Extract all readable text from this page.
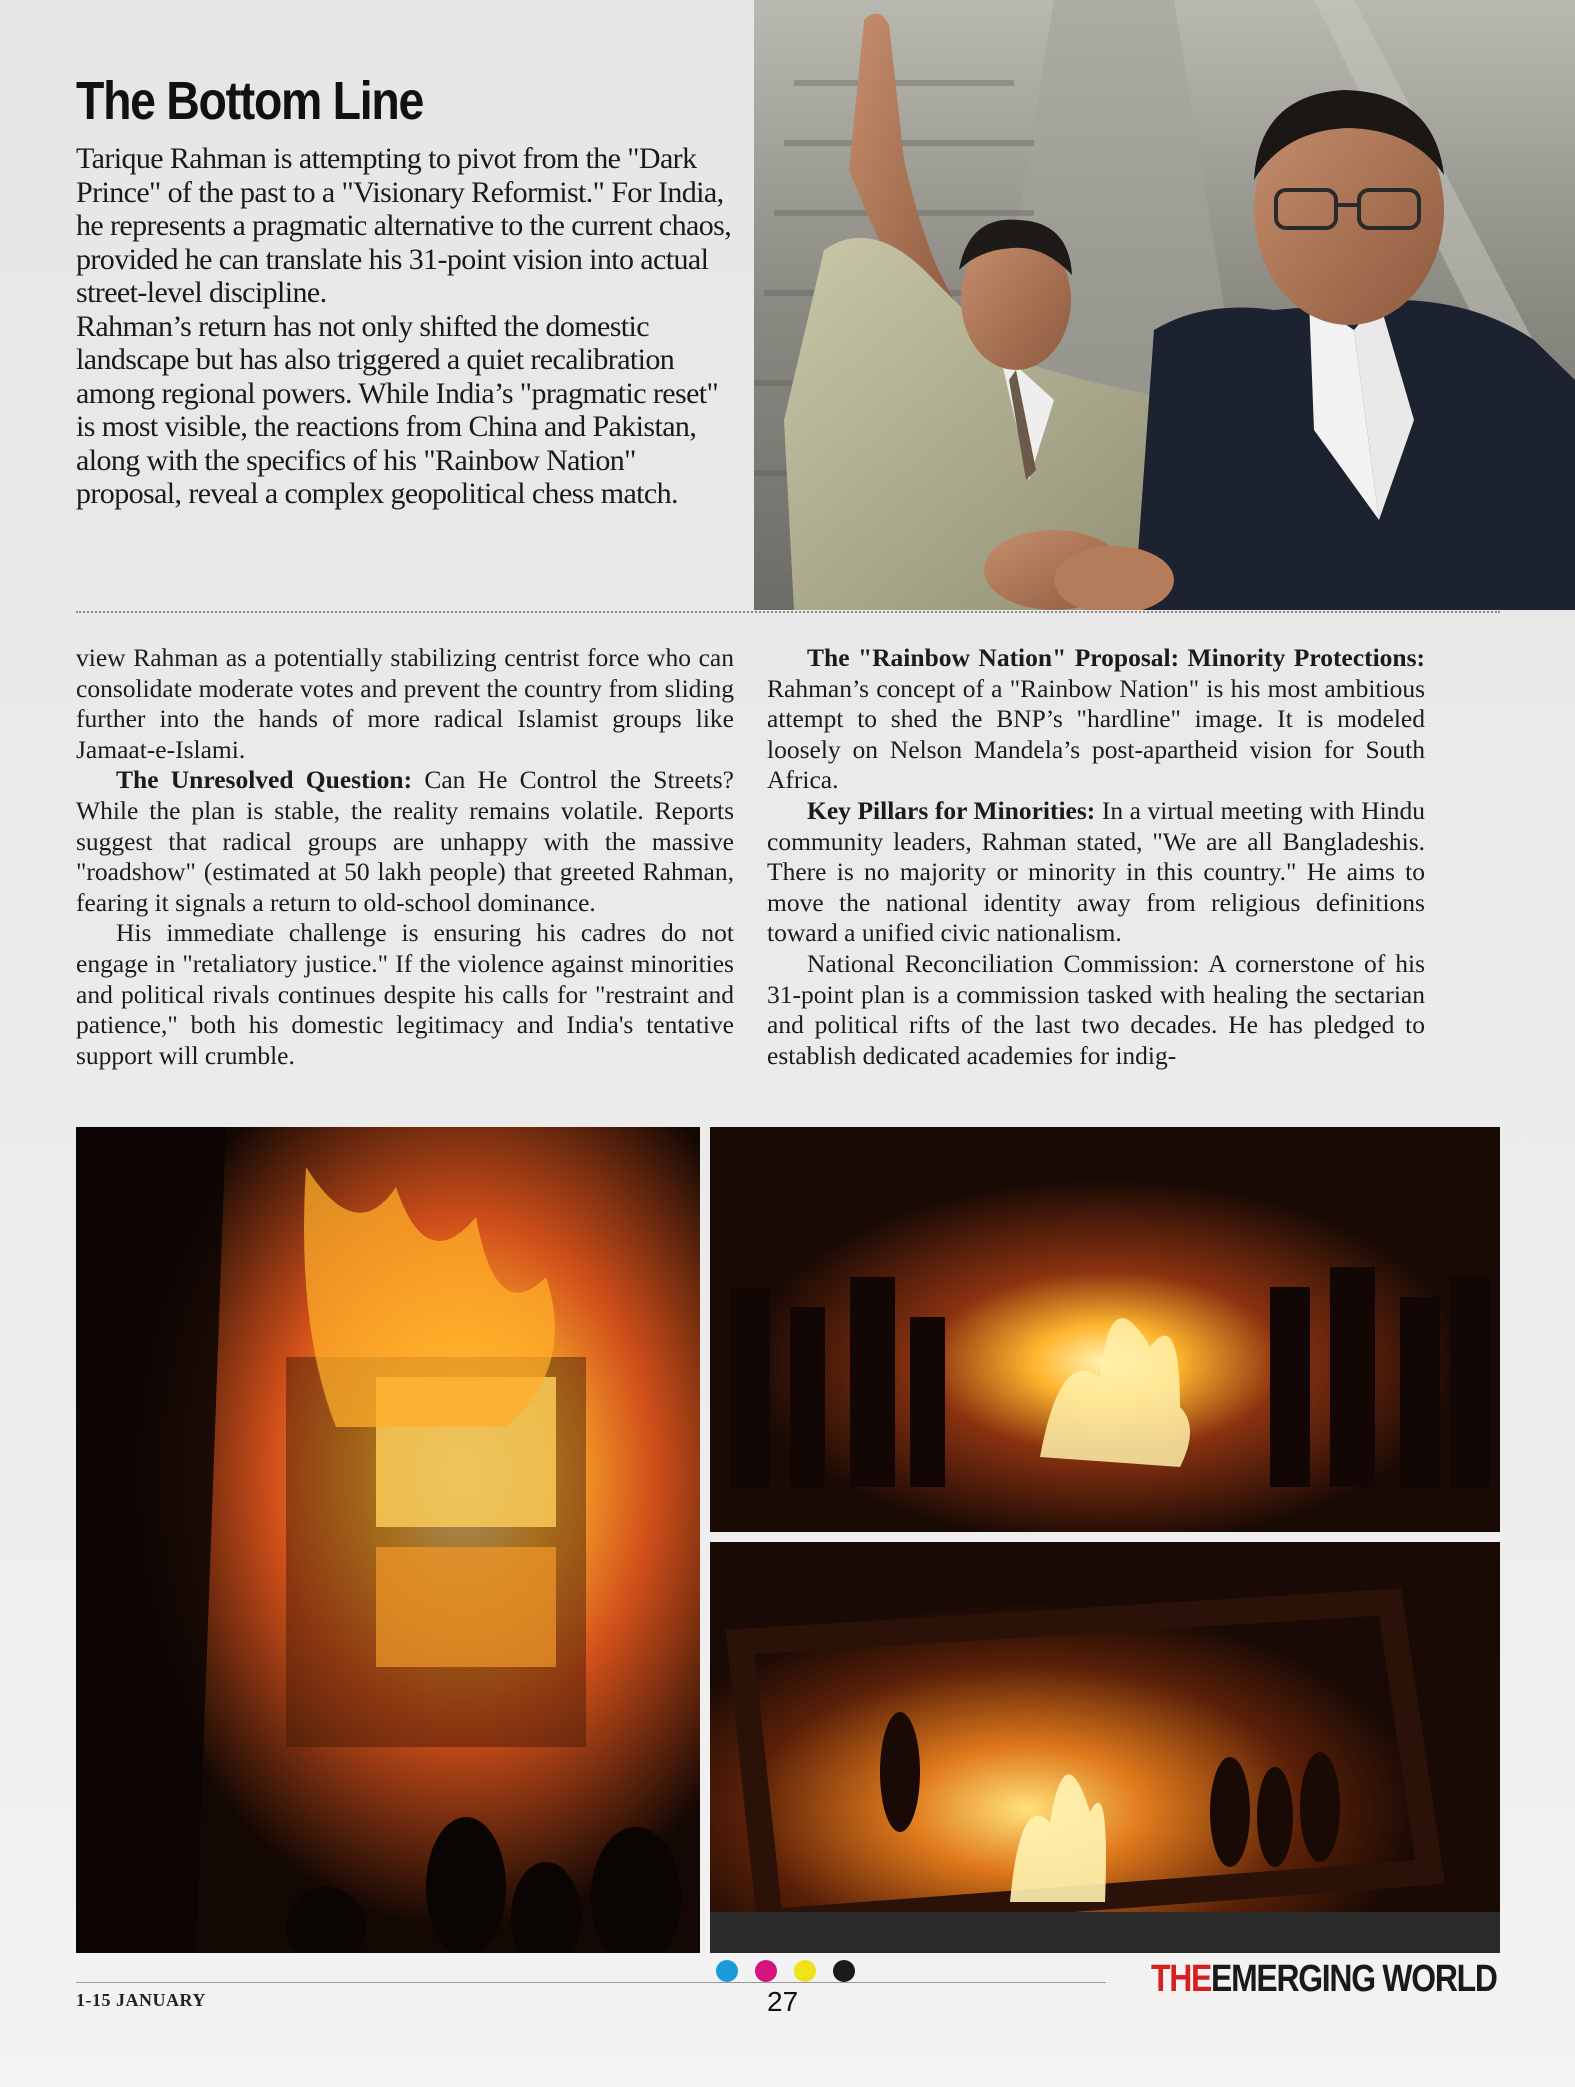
The Bottom Line

Tarique Rahman is attempting to pivot from the "Dark Prince" of the past to a "Visionary Reformist." For India, he represents a pragmatic alternative to the current chaos, provided he can translate his 31-point vision into actual street-level discipline.

Rahman’s return has not only shifted the domestic landscape but has also triggered a quiet recalibration among regional powers. While India’s "pragmatic reset" is most visible, the reactions from China and Pakistan, along with the specifics of his "Rainbow Nation" proposal, reveal a complex geopolitical chess match.

view Rahman as a potentially stabilizing centrist force who can consolidate moderate votes and prevent the country from sliding further into the hands of more radical Islamist groups like Jamaat-e-Islami.

The Unresolved Question: Can He Control the Streets?While the plan is stable, the reality remains volatile. Reports suggest that radical groups are unhappy with the massive "roadshow" (estimated at 50 lakh people) that greeted Rahman, fearing it signals a return to old-school dominance.

His immediate challenge is ensuring his cadres do not engage in "retaliatory justice." If the violence against minorities and political rivals continues despite his calls for "restraint and patience," both his domestic legitimacy and India's tentative support will crumble.

The "Rainbow Nation" Proposal: Minority Protections: Rahman’s concept of a "Rainbow Nation" is his most ambitious attempt to shed the BNP’s "hardline" image. It is modeled loosely on Nelson Mandela’s post-apartheid vision for South Africa.

Key Pillars for Minorities: In a virtual meeting with Hindu community leaders, Rahman stated, "We are all Bangladeshis. There is no majority or minority in this country." He aims to move the national identity away from religious definitions toward a unified civic nationalism.

National Reconciliation Commission: A cornerstone of his 31-point plan is a commission tasked with healing the sectarian and political rifts of the last two decades. He has pledged to establish dedicated academies for indig-

1-15 JANUARY	27
THEEMERGING WORLD
